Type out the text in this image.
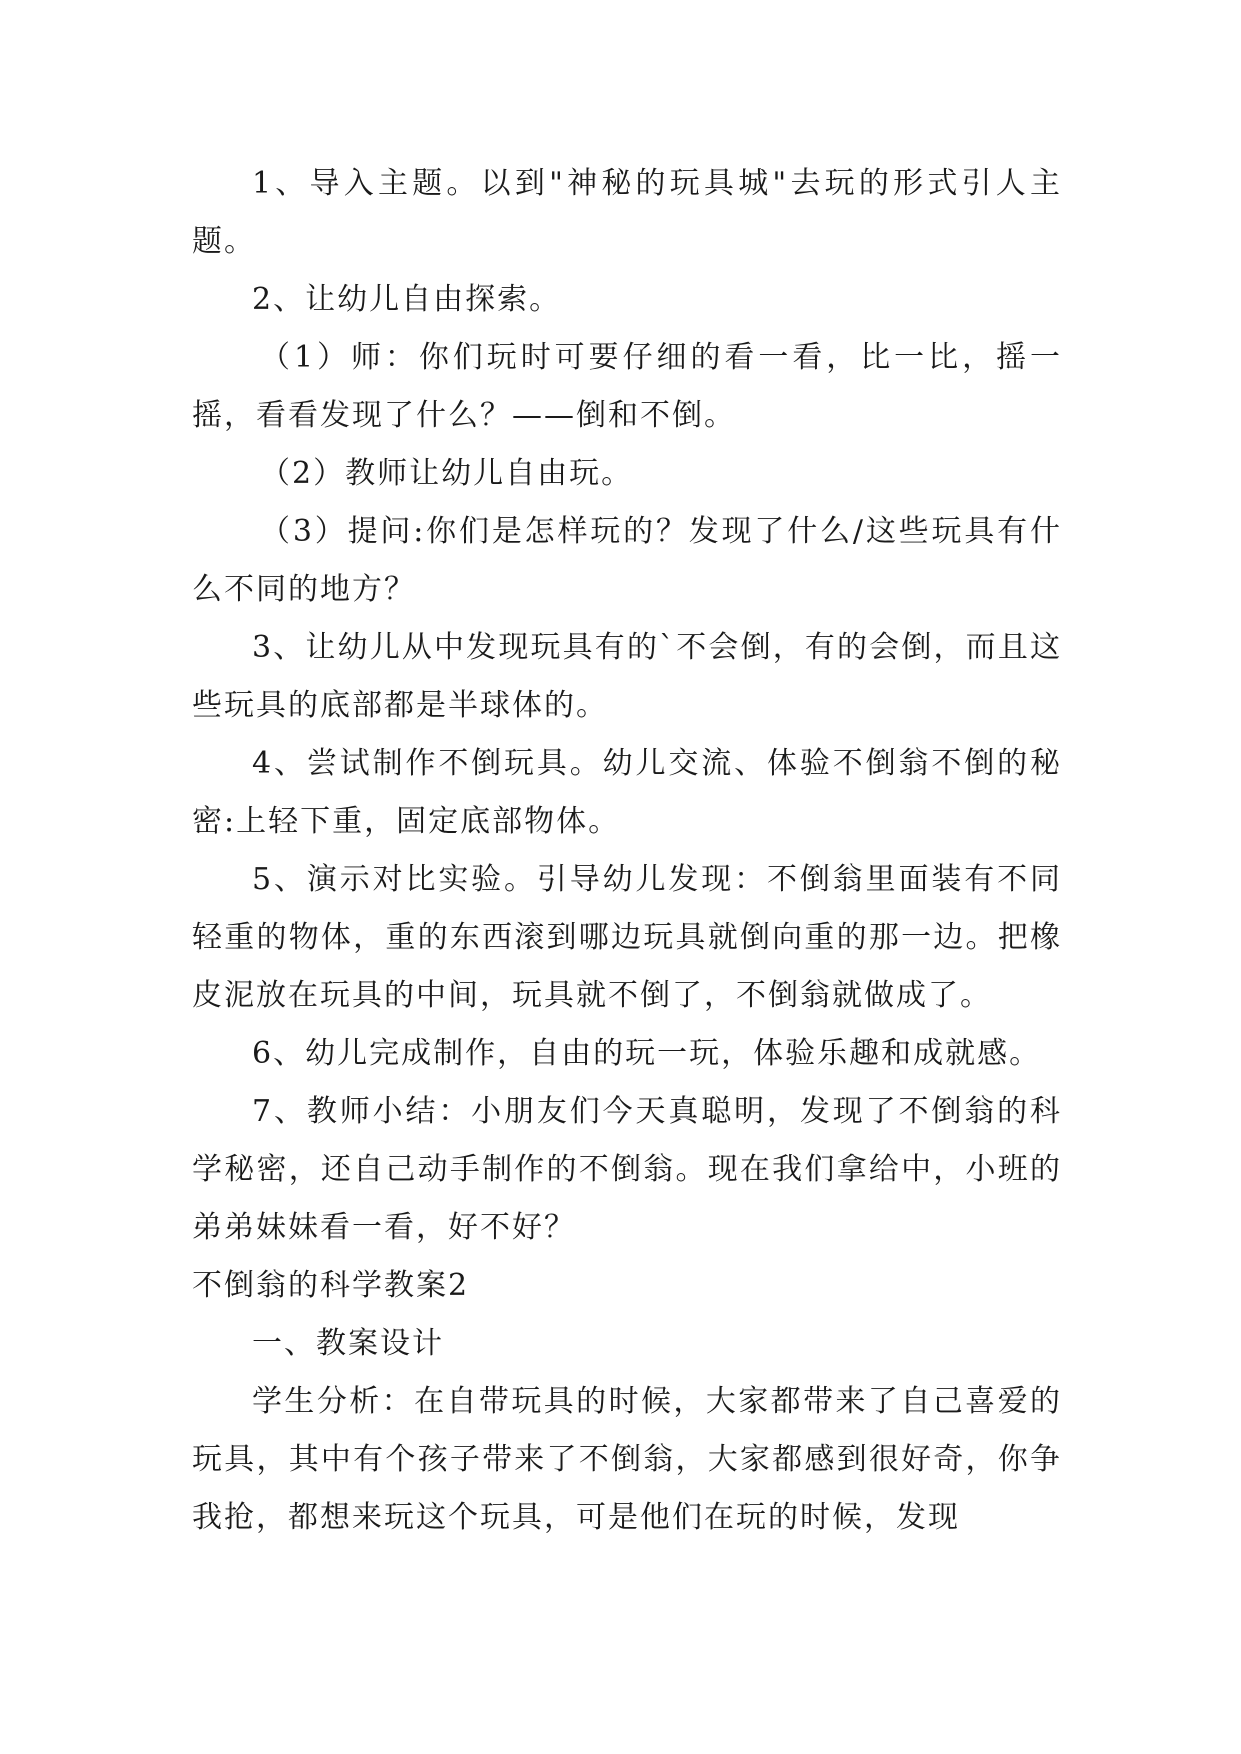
1、导入主题。以到"神秘的玩具城"去玩的形式引人主题。

2、让幼儿自由探索。

（1）师：你们玩时可要仔细的看一看，比一比，摇一摇，看看发现了什么？——倒和不倒。

（2）教师让幼儿自由玩。

（3）提问:你们是怎样玩的？发现了什么/这些玩具有什么不同的地方？

3、让幼儿从中发现玩具有的`不会倒，有的会倒，而且这些玩具的底部都是半球体的。

4、尝试制作不倒玩具。幼儿交流、体验不倒翁不倒的秘密:上轻下重，固定底部物体。

5、演示对比实验。引导幼儿发现：不倒翁里面装有不同轻重的物体，重的东西滚到哪边玩具就倒向重的那一边。把橡皮泥放在玩具的中间，玩具就不倒了，不倒翁就做成了。

6、幼儿完成制作，自由的玩一玩，体验乐趣和成就感。

7、教师小结：小朋友们今天真聪明，发现了不倒翁的科学秘密，还自己动手制作的不倒翁。现在我们拿给中，小班的弟弟妹妹看一看，好不好？

不倒翁的科学教案2

一、教案设计

学生分析：在自带玩具的时候，大家都带来了自己喜爱的玩具，其中有个孩子带来了不倒翁，大家都感到很好奇，你争我抢，都想来玩这个玩具，可是他们在玩的时候，发现
